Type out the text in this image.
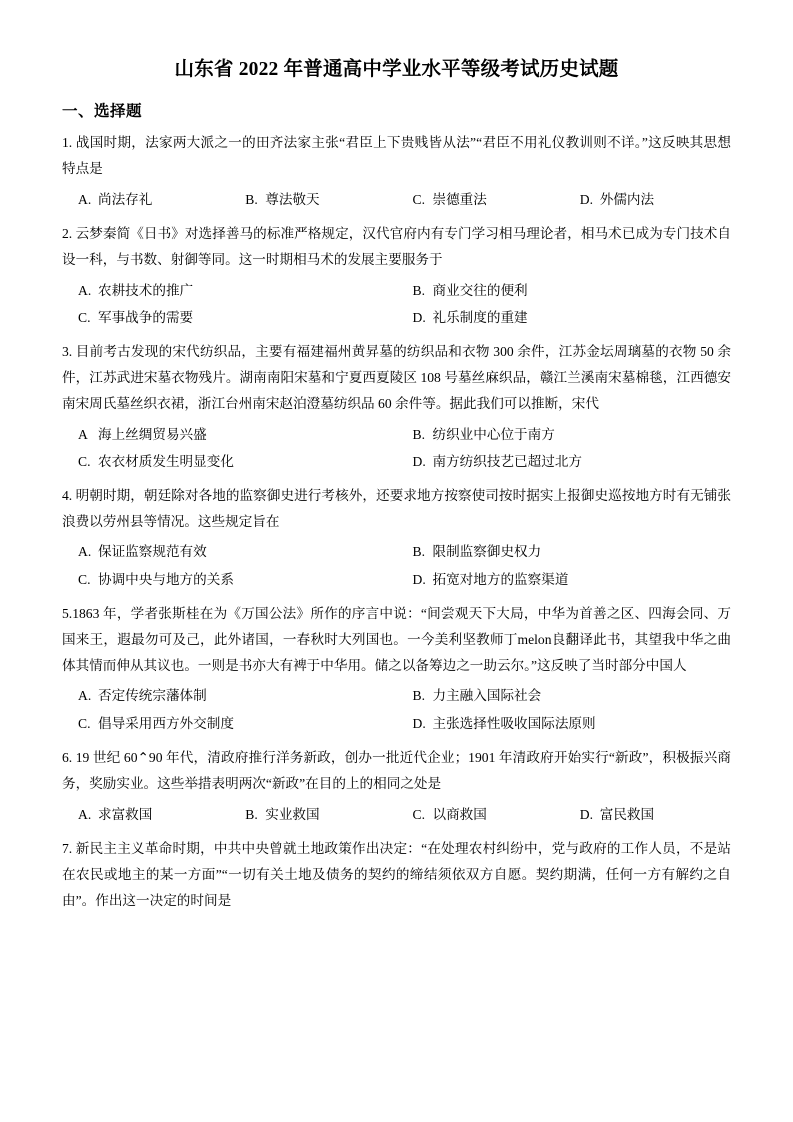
山东省 2022 年普通高中学业水平等级考试历史试题
一、选择题

1. 战国时期，法家两大派之一的田齐法家主张“君臣上下贵贱皆从法”“君臣不用礼仪教训则不详。”这反映其思想特点是

A. 尚法存礼	B. 尊法敬天	C. 崇德重法	D. 外儒内法

2. 云梦秦简《日书》对选择善马的标准严格规定，汉代官府内有专门学习相马理论者，相马术已成为专门技术自设一科，与书数、射御等同。这一时期相马术的发展主要服务于

A. 农耕技术的推广	B. 商业交往的便利
C. 军事战争的需要	D. 礼乐制度的重建

3. 目前考古发现的宋代纺织品，主要有福建福州黄昇墓的纺织品和衣物 300 余件，江苏金坛周璃墓的衣物 50 余件，江苏武进宋墓衣物残片。湖南南阳宋墓和宁夏西夏陵区 108 号墓丝麻织品，赣江兰溪南宋墓棉毯，江西德安南宋周氏墓丝织衣裙，浙江台州南宋赵泊澄墓纺织品 60 余件等。据此我们可以推断，宋代

A 海上丝绸贸易兴盛	B. 纺织业中心位于南方
C. 农衣材质发生明显变化	D. 南方纺织技艺已超过北方

4. 明朝时期，朝廷除对各地的监察御史进行考核外，还要求地方按察使司按时据实上报御史巡按地方时有无铺张浪费以劳州县等情况。这些规定旨在

A. 保证监察规范有效	B. 限制监察御史权力
C. 协调中央与地方的关系	D. 拓宽对地方的监察渠道

5.1863 年，学者张斯桂在为《万国公法》所作的序言中说：“间尝观天下大局，中华为首善之区、四海会同、万国来王，遐最勿可及己，此外诸国，一春秋时大列国也。一今美利坚教师丁melon良翻译此书，其望我中华之曲体其情而伸从其议也。一则是书亦大有裨于中华用。储之以备筹边之一助云尔。”这反映了当时部分中国人

A. 否定传统宗藩体制	B. 力主融入国际社会
C. 倡导采用西方外交制度	D. 主张选择性吸收国际法原则

6. 19 世纪 60⌃90 年代，清政府推行洋务新政，创办一批近代企业；1901 年清政府开始实行“新政”，积极振兴商务，奖励实业。这些举措表明两次“新政”在目的上的相同之处是

A. 求富救国	B. 实业救国	C. 以商救国	D. 富民救国

7. 新民主主义革命时期，中共中央曾就土地政策作出决定：“在处理农村纠纷中，党与政府的工作人员，不是站在农民或地主的某一方面”“一切有关土地及债务的契约的缔结须依双方自愿。契约期满，任何一方有解约之自由”。作出这一决定的时间是
